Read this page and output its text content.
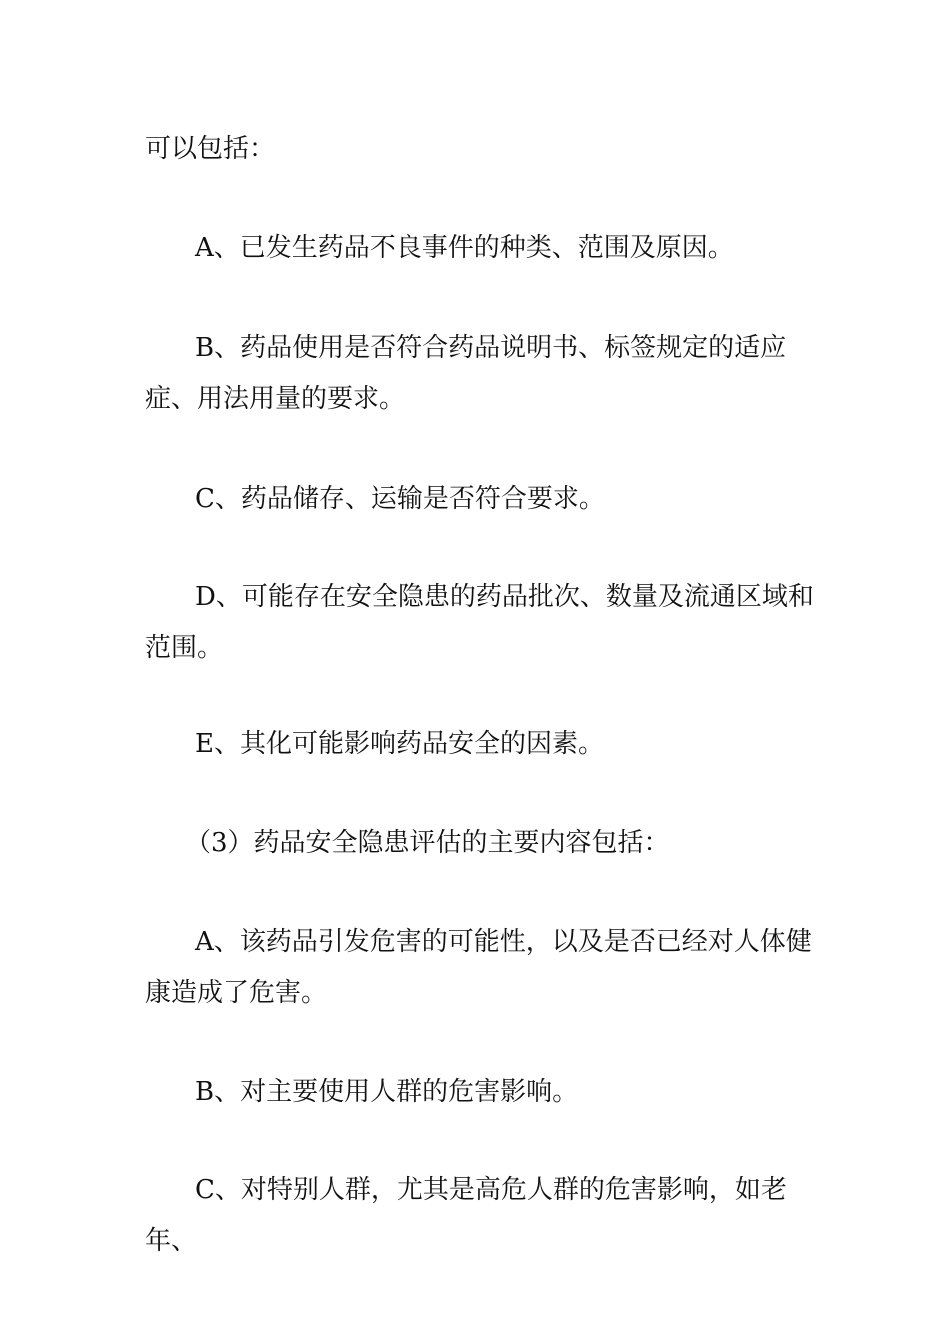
可以包括：

A、已发生药品不良事件的种类、范围及原因。

B、药品使用是否符合药品说明书、标签规定的适应症、用法用量的要求。

C、药品储存、运输是否符合要求。

D、可能存在安全隐患的药品批次、数量及流通区域和范围。

E、其化可能影响药品安全的因素。

（3）药品安全隐患评估的主要内容包括：

A、该药品引发危害的可能性，以及是否已经对人体健康造成了危害。

B、对主要使用人群的危害影响。

C、对特别人群，尤其是高危人群的危害影响，如老年、
